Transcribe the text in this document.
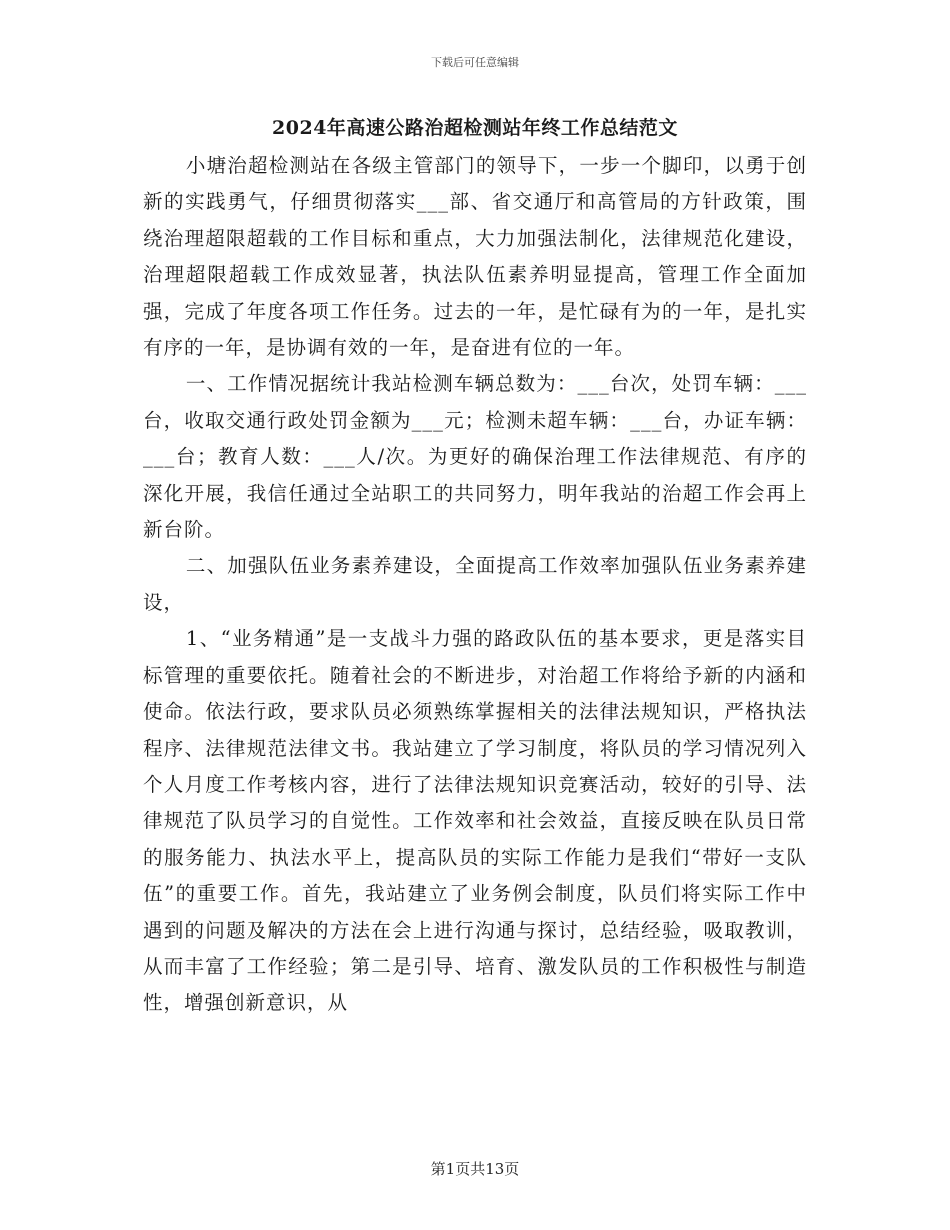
下载后可任意编辑
2024年高速公路治超检测站年终工作总结范文

小塘治超检测站在各级主管部门的领导下，一步一个脚印，以勇于创新的实践勇气，仔细贯彻落实___部、省交通厅和高管局的方针政策，围绕治理超限超载的工作目标和重点，大力加强法制化，法律规范化建设，治理超限超载工作成效显著，执法队伍素养明显提高，管理工作全面加强，完成了年度各项工作任务。过去的一年，是忙碌有为的一年，是扎实有序的一年，是协调有效的一年，是奋进有位的一年。

一、工作情况据统计我站检测车辆总数为：___台次，处罚车辆：___台，收取交通行政处罚金额为___元；检测未超车辆：___台，办证车辆：___台；教育人数：___人/次。为更好的确保治理工作法律规范、有序的深化开展，我信任通过全站职工的共同努力，明年我站的治超工作会再上新台阶。

二、加强队伍业务素养建设，全面提高工作效率加强队伍业务素养建设，

1、“业务精通”是一支战斗力强的路政队伍的基本要求，更是落实目标管理的重要依托。随着社会的不断进步，对治超工作将给予新的内涵和使命。依法行政，要求队员必须熟练掌握相关的法律法规知识，严格执法程序、法律规范法律文书。我站建立了学习制度，将队员的学习情况列入个人月度工作考核内容，进行了法律法规知识竞赛活动，较好的引导、法律规范了队员学习的自觉性。工作效率和社会效益，直接反映在队员日常的服务能力、执法水平上，提高队员的实际工作能力是我们“带好一支队伍”的重要工作。首先，我站建立了业务例会制度，队员们将实际工作中遇到的问题及解决的方法在会上进行沟通与探讨，总结经验，吸取教训，从而丰富了工作经验；第二是引导、培育、激发队员的工作积极性与制造性，增强创新意识，从

第1页共13页
